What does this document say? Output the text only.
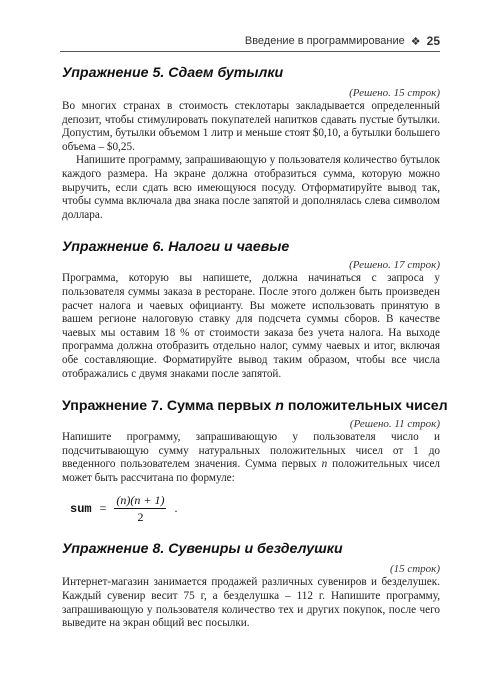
Введение в программирование ❖ 25
Упражнение 5. Сдаем бутылки
(Решено. 15 строк)

Во многих странах в стоимость стеклотары закладывается определенный депозит, чтобы стимулировать покупателей напитков сдавать пустые бутылки. Допустим, бутылки объемом 1 литр и меньше стоят $0,10, а бутылки большего объема – $0,25.

Напишите программу, запрашивающую у пользователя количество бутылок каждого размера. На экране должна отобразиться сумма, которую можно выручить, если сдать всю имеющуюся посуду. Отформатируйте вывод так, чтобы сумма включала два знака после запятой и дополнялась слева символом доллара.

Упражнение 6. Налоги и чаевые
(Решено. 17 строк)

Программа, которую вы напишете, должна начинаться с запроса у пользователя суммы заказа в ресторане. После этого должен быть произведен расчет налога и чаевых официанту. Вы можете использовать принятую в вашем регионе налоговую ставку для подсчета суммы сборов. В качестве чаевых мы оставим 18 % от стоимости заказа без учета налога. На выходе программа должна отобразить отдельно налог, сумму чаевых и итог, включая обе составляющие. Форматируйте вывод таким образом, чтобы все числа отображались с двумя знаками после запятой.

Упражнение 7. Сумма первых n положительных чисел
(Решено. 11 строк)

Напишите программу, запрашивающую у пользователя число и подсчитывающую сумму натуральных положительных чисел от 1 до введенного пользователем значения. Сумма первых n положительных чисел может быть рассчитана по формуле:

sum = $\frac{(n)(n + 1)}{2}$ .
Упражнение 8. Сувениры и безделушки
(15 строк)

Интернет-магазин занимается продажей различных сувениров и безделушек. Каждый сувенир весит 75 г, а безделушка – 112 г. Напишите программу, запрашивающую у пользователя количество тех и других покупок, после чего выведите на экран общий вес посылки.
